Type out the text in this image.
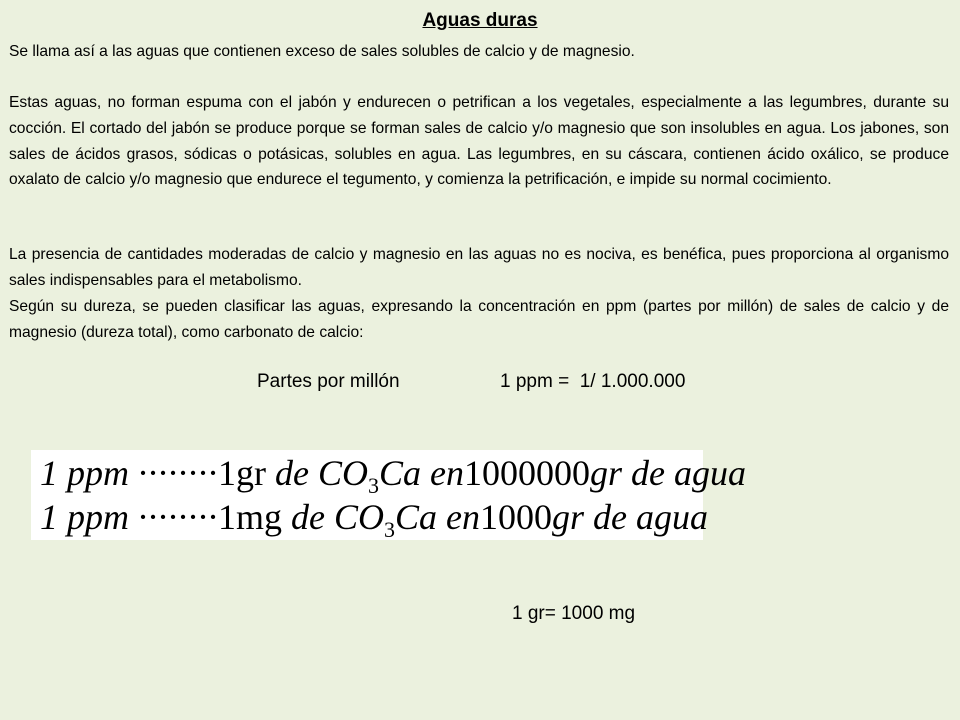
Aguas duras

Se llama así a las aguas que contienen exceso de sales solubles de calcio y de magnesio.

Estas aguas, no forman espuma con el jabón y endurecen o petrifican a los vegetales, especialmente a las legumbres, durante su cocción. El cortado del jabón se produce porque se forman sales de calcio y/o magnesio que son insolubles en agua. Los jabones, son sales de ácidos grasos, sódicas o potásicas, solubles en agua. Las legumbres, en su cáscara, contienen ácido oxálico, se produce oxalato de calcio y/o magnesio que endurece el tegumento, y comienza la petrificación, e impide su normal cocimiento.

La presencia de cantidades moderadas de calcio y magnesio en las aguas no es nociva, es benéfica, pues proporciona al organismo sales indispensables para el metabolismo.

Según su dureza, se pueden clasificar las aguas, expresando la concentración en ppm (partes por millón) de sales de calcio y de magnesio (dureza total), como carbonato de calcio:

Partes por millón	1 ppm =  1/ 1.000.000
1 ppm ········1gr de $CO_3Ca$ en1000000gr de agua
1 ppm ········1mg de $CO_3Ca$ en1000gr de agua
1 gr= 1000 mg
